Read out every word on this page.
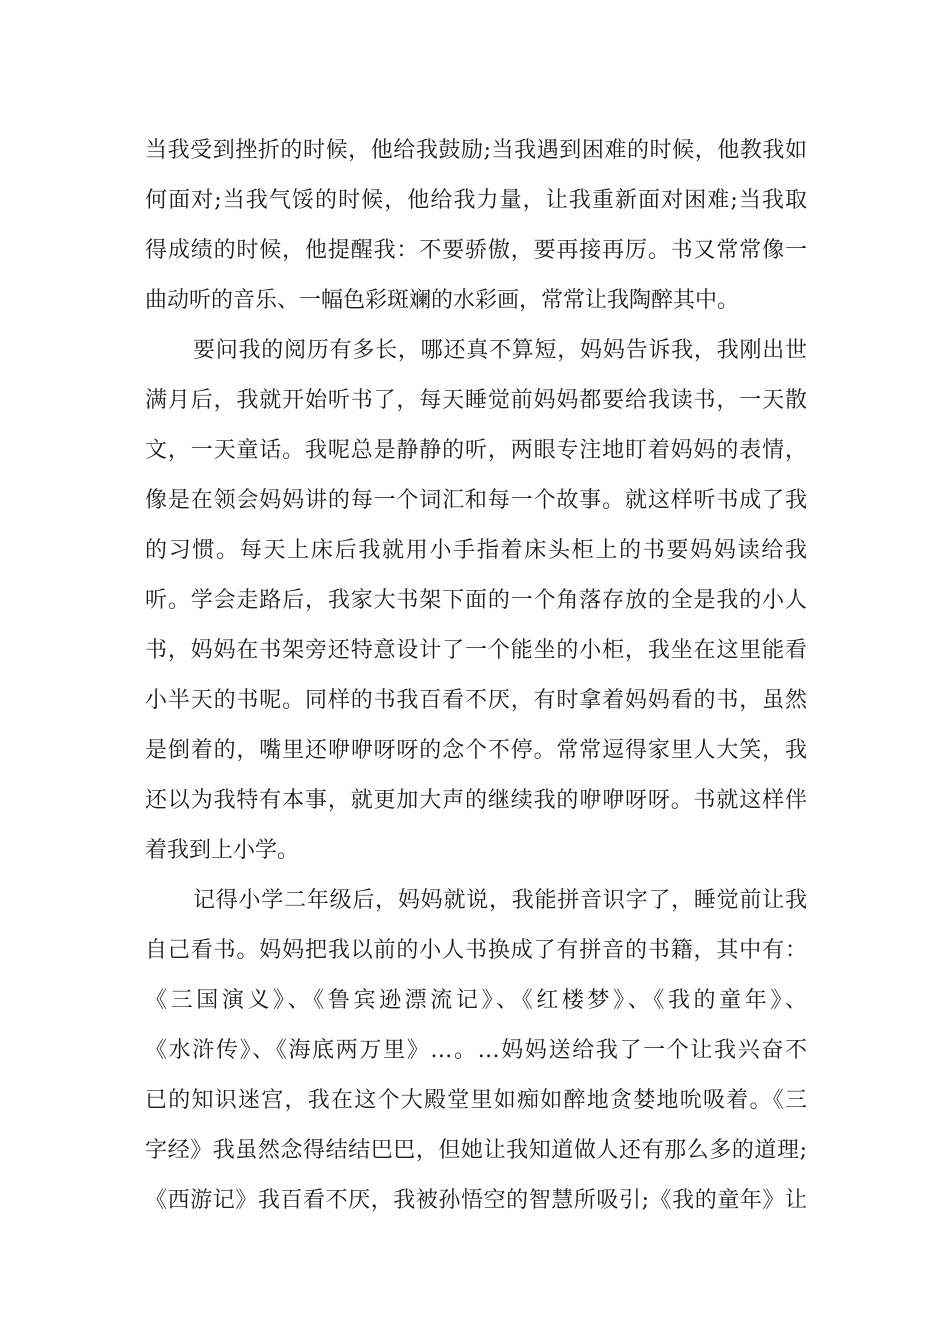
当我受到挫折的时候，他给我鼓励;当我遇到困难的时候，他教我如
何面对;当我气馁的时候，他给我力量，让我重新面对困难;当我取
得成绩的时候，他提醒我：不要骄傲，要再接再厉。书又常常像一
曲动听的音乐、一幅色彩斑斓的水彩画，常常让我陶醉其中。
要问我的阅历有多长，哪还真不算短，妈妈告诉我，我刚出世
满月后，我就开始听书了，每天睡觉前妈妈都要给我读书，一天散
文，一天童话。我呢总是静静的听，两眼专注地盯着妈妈的表情，
像是在领会妈妈讲的每一个词汇和每一个故事。就这样听书成了我
的习惯。每天上床后我就用小手指着床头柜上的书要妈妈读给我
听。学会走路后，我家大书架下面的一个角落存放的全是我的小人
书，妈妈在书架旁还特意设计了一个能坐的小柜，我坐在这里能看
小半天的书呢。同样的书我百看不厌，有时拿着妈妈看的书，虽然
是倒着的，嘴里还咿咿呀呀的念个不停。常常逗得家里人大笑，我
还以为我特有本事，就更加大声的继续我的咿咿呀呀。书就这样伴
着我到上小学。
记得小学二年级后，妈妈就说，我能拼音识字了，睡觉前让我
自己看书。妈妈把我以前的小人书换成了有拼音的书籍，其中有：
《三国演义》、《鲁宾逊漂流记》、《红楼梦》、《我的童年》、
《水浒传》、《海底两万里》…。…妈妈送给我了一个让我兴奋不
已的知识迷宫，我在这个大殿堂里如痴如醉地贪婪地吮吸着。《三
字经》我虽然念得结结巴巴，但她让我知道做人还有那么多的道理;
《西游记》我百看不厌，我被孙悟空的智慧所吸引;《我的童年》让
